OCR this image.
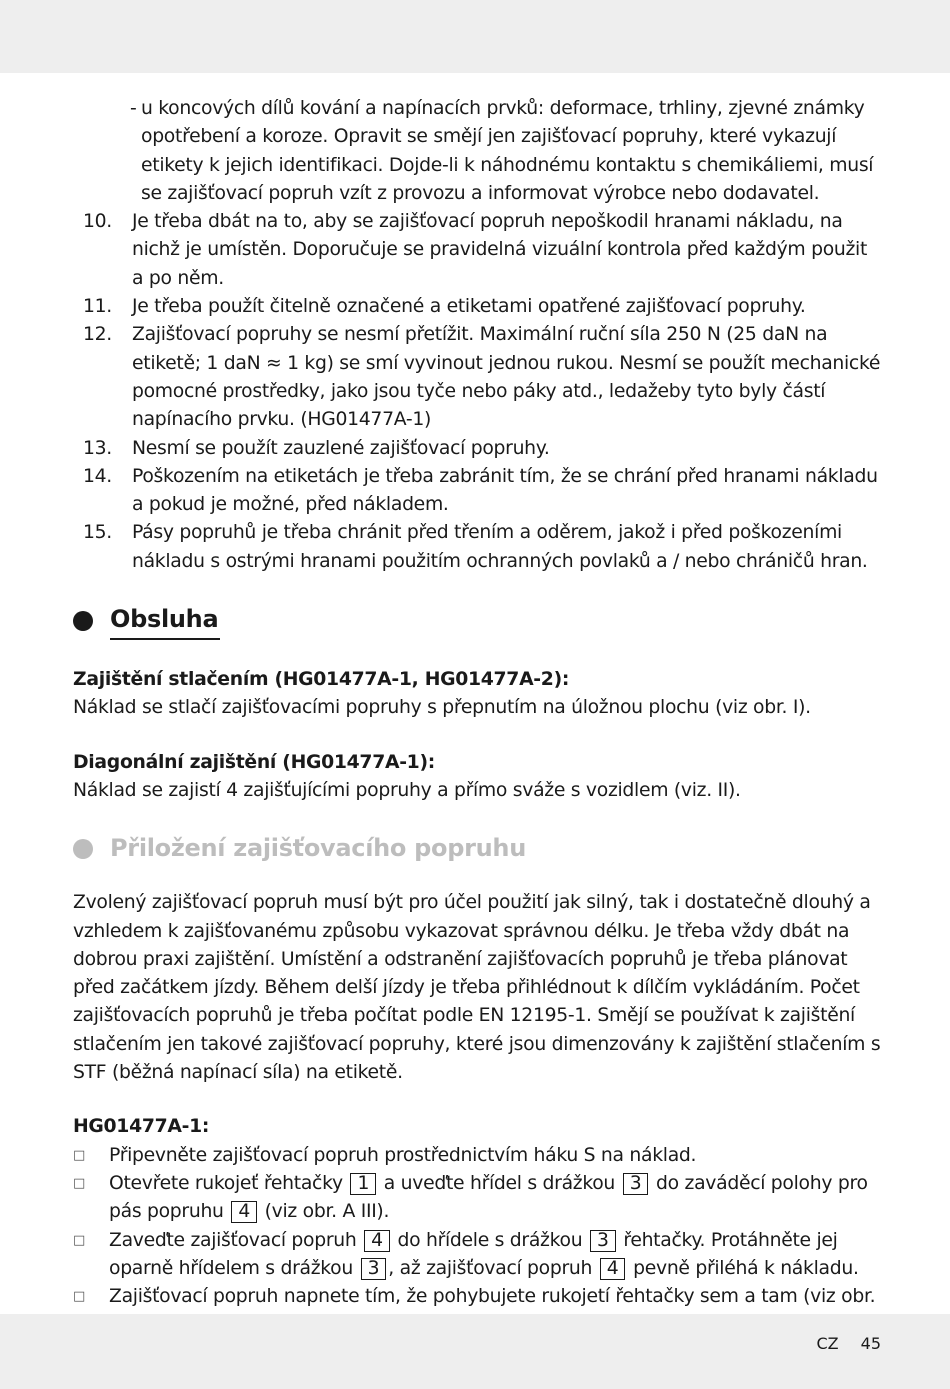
- u koncových dílů kování a napínacích prvků: deformace, trhliny, zjevné známky opotřebení a koroze. Opravit se smějí jen zajišťovací popruhy, které vykazují etikety k jejich identifikaci. Dojde-li k náhodnému kontaktu s chemikáliemi, musí se zajišťovací popruh vzít z provozu a informovat výrobce nebo dodavatel.
10.	Je třeba dbát na to, aby se zajišťovací popruh nepoškodil hranami nákladu, na nichž je umístěn. Doporučuje se pravidelná vizuální kontrola před každým použit a po něm.
11.	Je třeba použít čitelně označené a etiketami opatřené zajišťovací popruhy.
12.	Zajišťovací popruhy se nesmí přetížit. Maximální ruční síla 250 N (25 daN na etiketě; 1 daN ≈ 1 kg) se smí vyvinout jednou rukou. Nesmí se použít mechanické pomocné prostředky, jako jsou tyče nebo páky atd., ledažeby tyto byly částí napínacího prvku. (HG01477A-1)
13.	Nesmí se použít zauzlené zajišťovací popruhy.
14.	Poškozením na etiketách je třeba zabránit tím, že se chrání před hranami nákladu a pokud je možné, před nákladem.
15.	Pásy popruhů je třeba chránit před třením a oděrem, jakož i před poškozeními nákladu s ostrými hranami použitím ochranných povlaků a / nebo chráničů hran.
Obsluha
Zajištění stlačením (HG01477A-1, HG01477A-2):
Náklad se stlačí zajišťovacími popruhy s přepnutím na úložnou plochu (viz obr. I).
Diagonální zajištění (HG01477A-1):
Náklad se zajistí 4 zajišťujícími popruhy a přímo sváže s vozidlem (viz. II).
Přiložení zajišťovacího popruhu
Zvolený zajišťovací popruh musí být pro účel použití jak silný, tak i dostatečně dlouhý a vzhledem k zajišťovanému způsobu vykazovat správnou délku. Je třeba vždy dbát na dobrou praxi zajištění. Umístění a odstranění zajišťovacích popruhů je třeba plánovat před začátkem jízdy. Během delší jízdy je třeba přihlédnout k dílčím vykládáním. Počet zajišťovacích popruhů je třeba počítat podle EN 12195-1. Smějí se používat k zajištění stlačením jen takové zajišťovací popruhy, které jsou dimenzovány k zajištění stlačením s STF (běžná napínací síla) na etiketě.
HG01477A-1:
□	Připevněte zajišťovací popruh prostřednictvím háku S na náklad.
□	Otevřete rukojeť řehtačky 1 a uveďte hřídel s drážkou 3 do zaváděcí polohy pro pás popruhu 4 (viz obr. A III).
□	Zaveďte zajišťovací popruh 4 do hřídele s drážkou 3 řehtačky. Protáhněte jej oparně hřídelem s drážkou 3 , až zajišťovací popruh 4 pevně přiléhá k nákladu.
□	Zajišťovací popruh napnete tím, že pohybujete rukojetí řehtačky sem a tam (viz obr.
CZ 45
